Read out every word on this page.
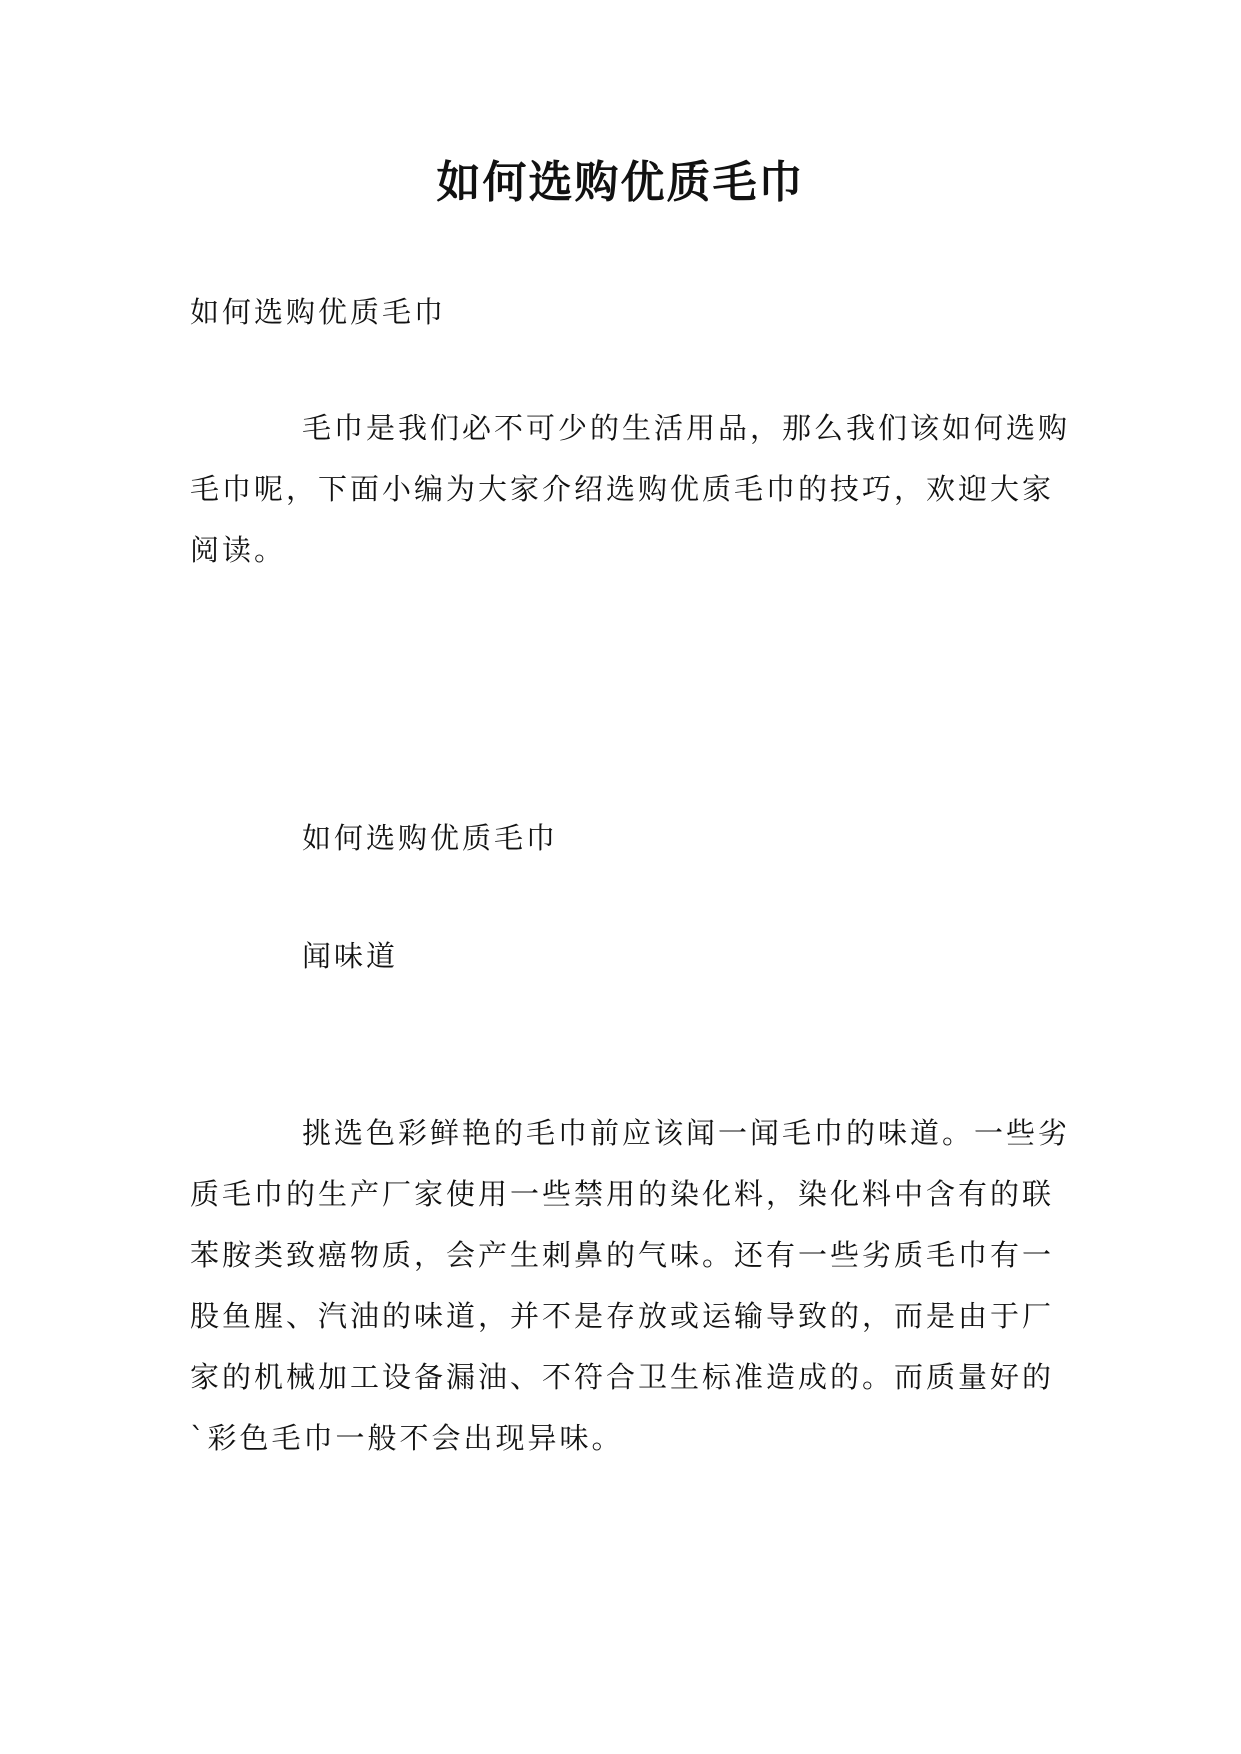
如何选购优质毛巾
如何选购优质毛巾

毛巾是我们必不可少的生活用品，那么我们该如何选购毛巾呢，下面小编为大家介绍选购优质毛巾的技巧，欢迎大家阅读。

如何选购优质毛巾
闻味道

挑选色彩鲜艳的毛巾前应该闻一闻毛巾的味道。一些劣质毛巾的生产厂家使用一些禁用的染化料，染化料中含有的联苯胺类致癌物质，会产生刺鼻的气味。还有一些劣质毛巾有一股鱼腥、汽油的味道，并不是存放或运输导致的，而是由于厂家的机械加工设备漏油、不符合卫生标准造成的。而质量好的`彩色毛巾一般不会出现异味。
